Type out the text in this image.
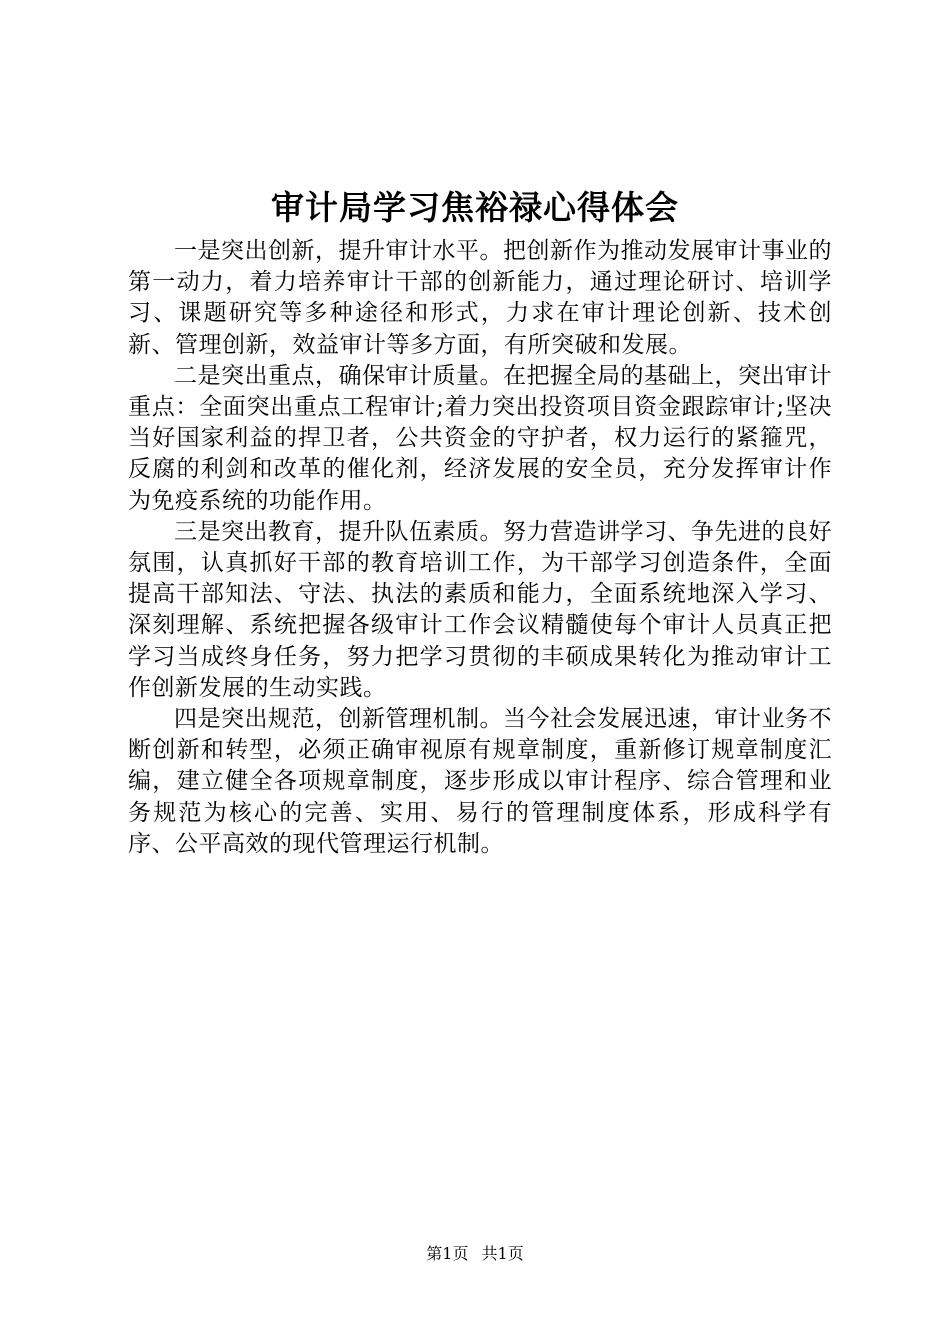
审计局学习焦裕禄心得体会

一是突出创新，提升审计水平。把创新作为推动发展审计事业的第一动力，着力培养审计干部的创新能力，通过理论研讨、培训学习、课题研究等多种途径和形式，力求在审计理论创新、技术创新、管理创新，效益审计等多方面，有所突破和发展。

二是突出重点，确保审计质量。在把握全局的基础上，突出审计重点：全面突出重点工程审计;着力突出投资项目资金跟踪审计;坚决当好国家利益的捍卫者，公共资金的守护者，权力运行的紧箍咒，反腐的利剑和改革的催化剂，经济发展的安全员，充分发挥审计作为免疫系统的功能作用。

三是突出教育，提升队伍素质。努力营造讲学习、争先进的良好氛围，认真抓好干部的教育培训工作，为干部学习创造条件，全面提高干部知法、守法、执法的素质和能力，全面系统地深入学习、深刻理解、系统把握各级审计工作会议精髓使每个审计人员真正把学习当成终身任务，努力把学习贯彻的丰硕成果转化为推动审计工作创新发展的生动实践。

四是突出规范，创新管理机制。当今社会发展迅速，审计业务不断创新和转型，必须正确审视原有规章制度，重新修订规章制度汇编，建立健全各项规章制度，逐步形成以审计程序、综合管理和业务规范为核心的完善、实用、易行的管理制度体系，形成科学有序、公平高效的现代管理运行机制。

第1页 共1页
